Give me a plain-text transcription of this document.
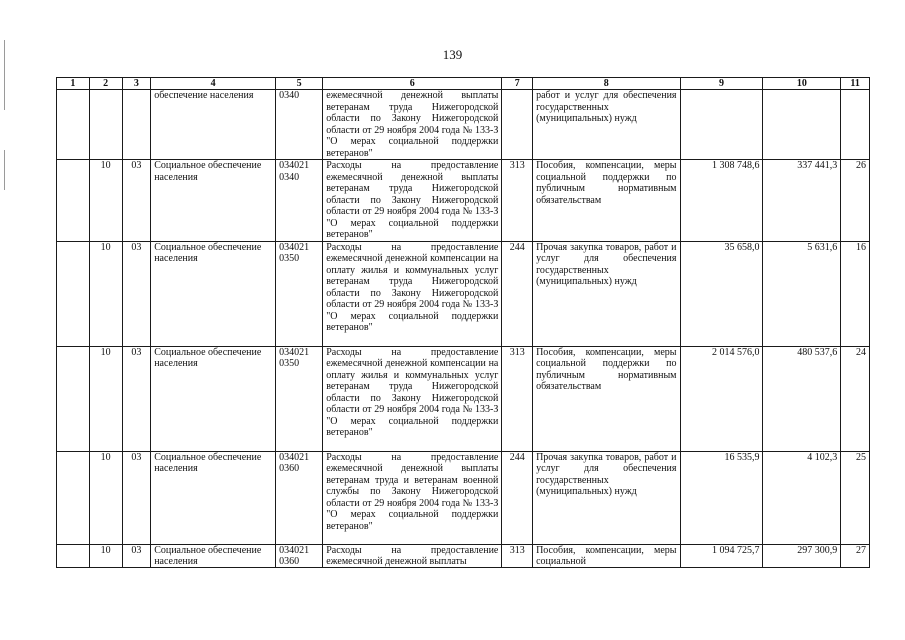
139
1	2	3	4	5	6	7	8	9	10	11
			обеспечение населения	0340	ежемесячной денежной выплаты ветеранам труда Нижегородской области по Закону Нижегородской области от 29 ноября 2004 года № 133-З "О мерах социальной поддержки ветеранов"		работ и услуг для обеспечения государственных (муниципальных) нужд			
	10	03	Социальное обеспечение населения	034021 0340	Расходы на предоставление ежемесячной денежной выплаты ветеранам труда Нижегородской области по Закону Нижегородской области от 29 ноября 2004 года № 133-З "О мерах социальной поддержки ветеранов"	313	Пособия, компенсации, меры социальной поддержки по публичным нормативным обязательствам	1 308 748,6	337 441,3	26
	10	03	Социальное обеспечение населения	034021 0350	Расходы на предоставление ежемесячной денежной компенсации на оплату жилья и коммунальных услуг ветеранам труда Нижегородской области по Закону Нижегородской области от 29 ноября 2004 года № 133-З "О мерах социальной поддержки ветеранов"	244	Прочая закупка товаров, работ и услуг для обеспечения государственных (муниципальных) нужд	35 658,0	5 631,6	16
	10	03	Социальное обеспечение населения	034021 0350	Расходы на предоставление ежемесячной денежной компенсации на оплату жилья и коммунальных услуг ветеранам труда Нижегородской области по Закону Нижегородской области от 29 ноября 2004 года № 133-З "О мерах социальной поддержки ветеранов"	313	Пособия, компенсации, меры социальной поддержки по публичным нормативным обязательствам	2 014 576,0	480 537,6	24
	10	03	Социальное обеспечение населения	034021 0360	Расходы на предоставление ежемесячной денежной выплаты ветеранам труда и ветеранам военной службы по Закону Нижегородской области от 29 ноября 2004 года № 133-З "О мерах социальной поддержки ветеранов"	244	Прочая закупка товаров, работ и услуг для обеспечения государственных (муниципальных) нужд	16 535,9	4 102,3	25
	10	03	Социальное обеспечение населения	034021 0360	Расходы на предоставление ежемесячной денежной выплаты	313	Пособия, компенсации, меры социальной	1 094 725,7	297 300,9	27
